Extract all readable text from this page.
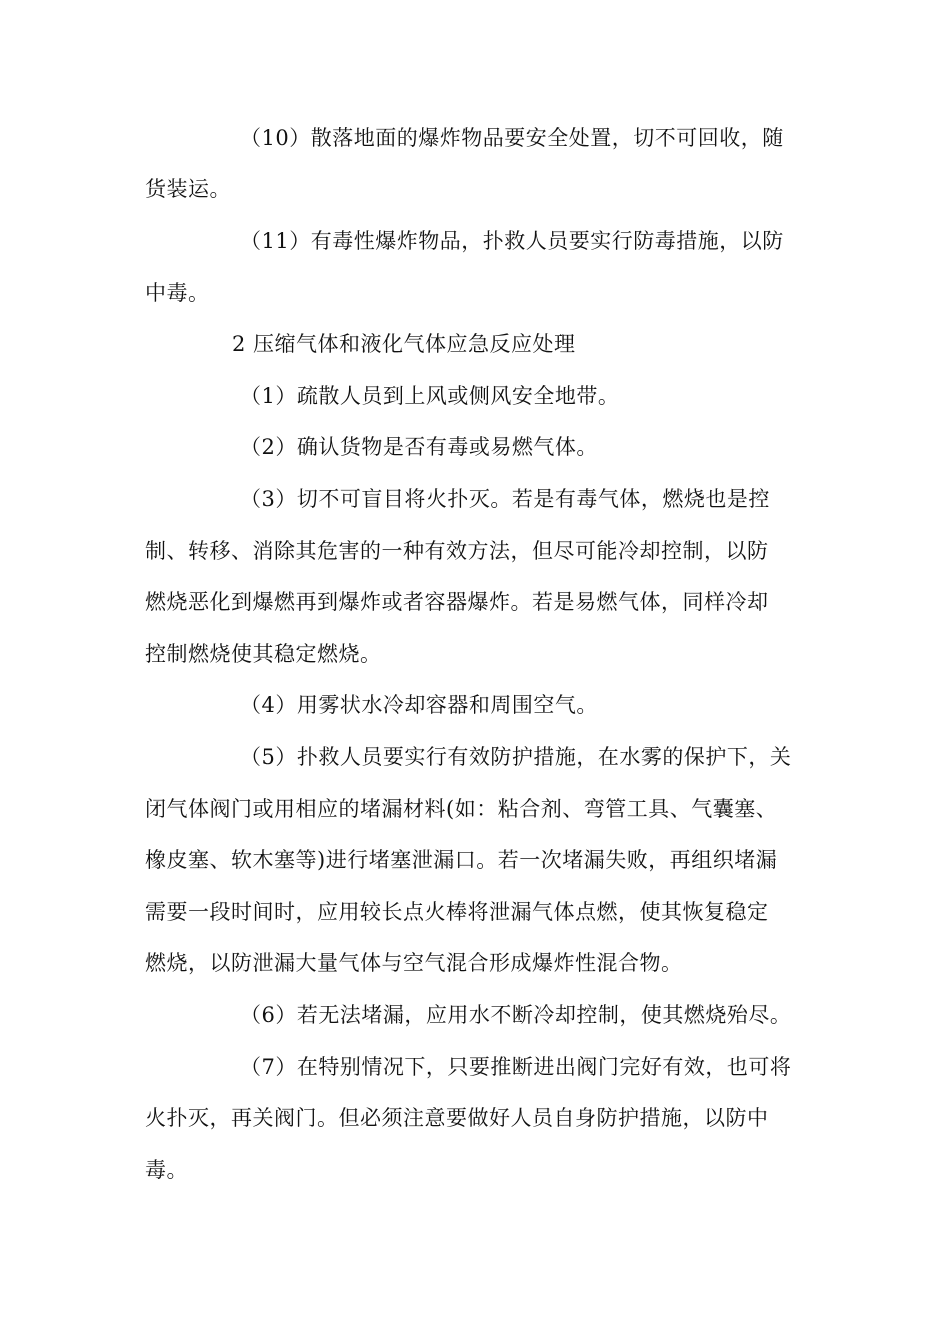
（10）散落地面的爆炸物品要安全处置，切不可回收，随
货装运。
（11）有毒性爆炸物品，扑救人员要实行防毒措施，以防
中毒。
2 压缩气体和液化气体应急反应处理
（1）疏散人员到上风或侧风安全地带。
（2）确认货物是否有毒或易燃气体。
（3）切不可盲目将火扑灭。若是有毒气体，燃烧也是控
制、转移、消除其危害的一种有效方法，但尽可能冷却控制，以防
燃烧恶化到爆燃再到爆炸或者容器爆炸。若是易燃气体，同样冷却
控制燃烧使其稳定燃烧。
（4）用雾状水冷却容器和周围空气。
（5）扑救人员要实行有效防护措施，在水雾的保护下，关
闭气体阀门或用相应的堵漏材料(如：粘合剂、弯管工具、气囊塞、
橡皮塞、软木塞等)进行堵塞泄漏口。若一次堵漏失败，再组织堵漏
需要一段时间时，应用较长点火棒将泄漏气体点燃，使其恢复稳定
燃烧，以防泄漏大量气体与空气混合形成爆炸性混合物。
（6）若无法堵漏，应用水不断冷却控制，使其燃烧殆尽。
（7）在特别情况下，只要推断进出阀门完好有效，也可将
火扑灭，再关阀门。但必须注意要做好人员自身防护措施，以防中
毒。
